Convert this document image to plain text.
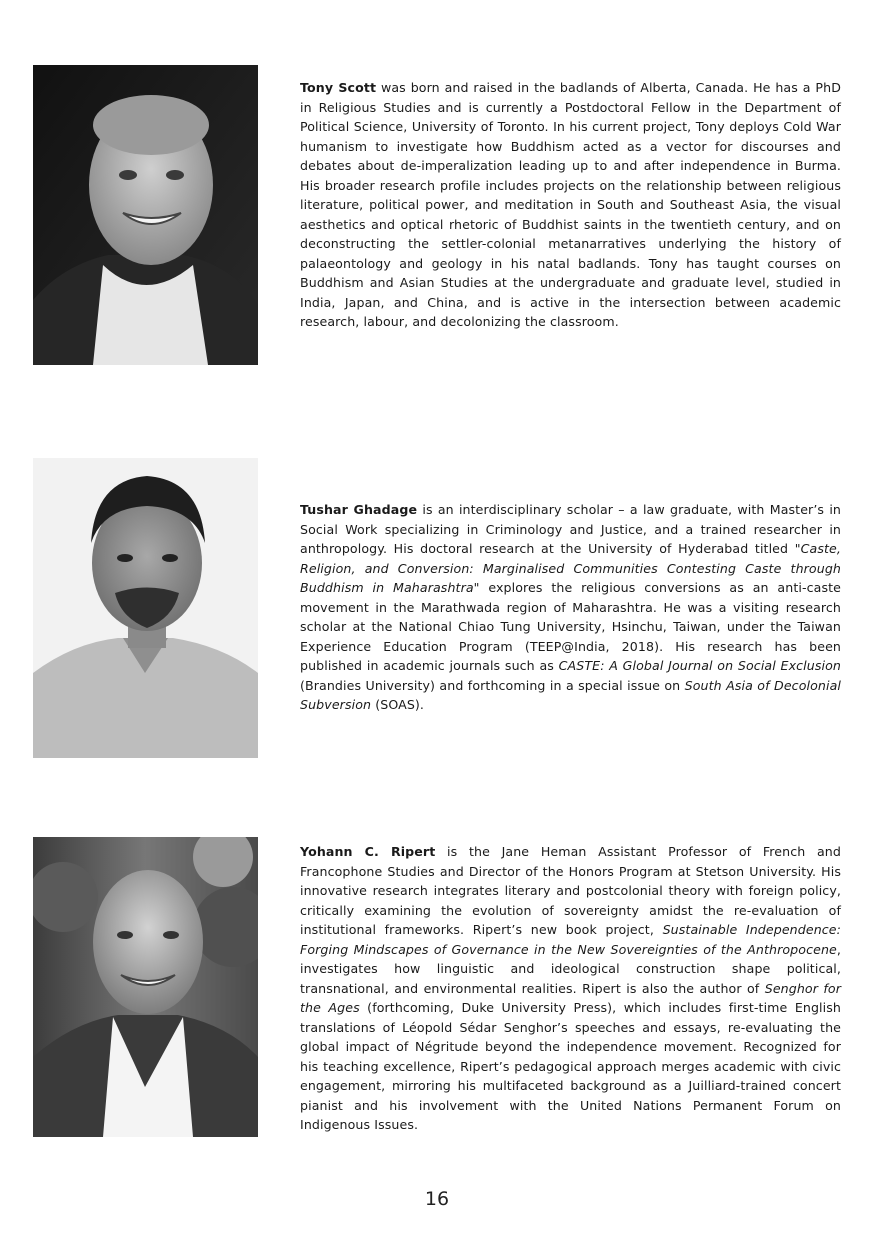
Tony Scott was born and raised in the badlands of Alberta, Canada. He has a PhD in Religious Studies and is currently a Postdoctoral Fellow in the Department of Political Science, University of Toronto. In his current project, Tony deploys Cold War humanism to investigate how Buddhism acted as a vector for discourses and debates about de-imperalization leading up to and after independence in Burma. His broader research profile includes projects on the relationship between religious literature, political power, and meditation in South and Southeast Asia, the visual aesthetics and optical rhetoric of Buddhist saints in the twentieth century, and on deconstructing the settler-colonial metanarratives underlying the history of palaeontology and geology in his natal badlands. Tony has taught courses on Buddhism and Asian Studies at the undergraduate and graduate level, studied in India, Japan, and China, and is active in the intersection between academic research, labour, and decolonizing the classroom.

Tushar Ghadage is an interdisciplinary scholar – a law graduate, with Master’s in Social Work specializing in Criminology and Justice, and a trained researcher in anthropology. His doctoral research at the University of Hyderabad titled "Caste, Religion, and Conversion: Marginalised Communities Contesting Caste through Buddhism in Maharashtra" explores the religious conversions as an anti-caste movement in the Marathwada region of Maharashtra. He was a visiting research scholar at the National Chiao Tung University, Hsinchu, Taiwan, under the Taiwan Experience Education Program (TEEP@India, 2018). His research has been published in academic journals such as CASTE: A Global Journal on Social Exclusion (Brandies University) and forthcoming in a special issue on South Asia of Decolonial Subversion (SOAS).

Yohann C. Ripert is the Jane Heman Assistant Professor of French and Francophone Studies and Director of the Honors Program at Stetson University. His innovative research integrates literary and postcolonial theory with foreign policy, critically examining the evolution of sovereignty amidst the re-evaluation of institutional frameworks. Ripert’s new book project, Sustainable Independence: Forging Mindscapes of Governance in the New Sovereignties of the Anthropocene, investigates how linguistic and ideological construction shape political, transnational, and environmental realities. Ripert is also the author of Senghor for the Ages (forthcoming, Duke University Press), which includes first-time English translations of Léopold Sédar Senghor’s speeches and essays, re-evaluating the global impact of Négritude beyond the independence movement. Recognized for his teaching excellence, Ripert’s pedagogical approach merges academic with civic engagement, mirroring his multifaceted background as a Juilliard-trained concert pianist and his involvement with the United Nations Permanent Forum on Indigenous Issues.

16
